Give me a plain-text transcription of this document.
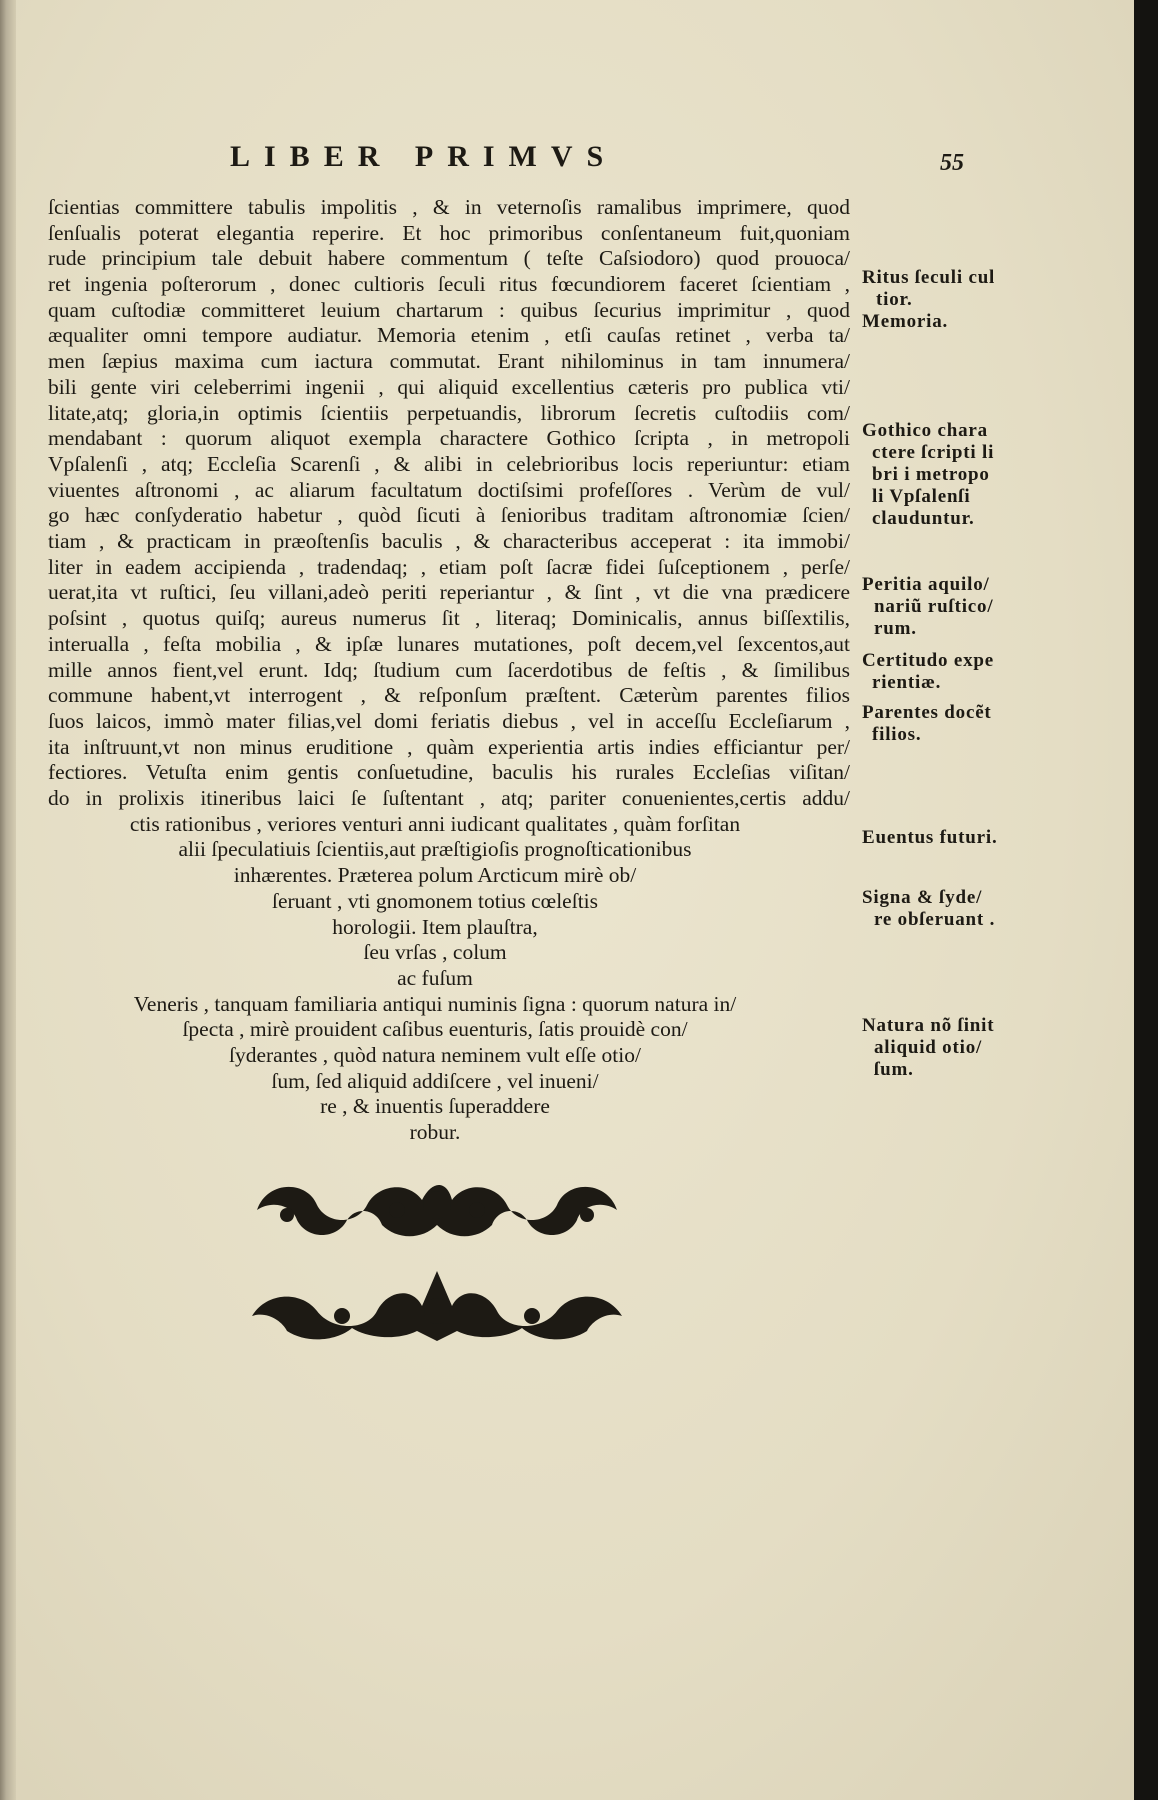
LIBER PRIMVS	55
ſcientias committere tabulis impolitis , & in veternoſis ramalibus imprimere, quod
ſenſualis poterat elegantia reperire. Et hoc primoribus conſentaneum fuit,quoniam
rude principium tale debuit habere commentum ( teſte Caſsiodoro) quod prouoca/
ret ingenia poſterorum , donec cultioris ſeculi ritus fœcundiorem faceret ſcientiam ,
quam cuſtodiæ committeret leuium chartarum : quibus ſecurius imprimitur , quod
æqualiter omni tempore audiatur. Memoria etenim , etſi cauſas retinet , verba ta/
men ſæpius maxima cum iactura commutat. Erant nihilominus in tam innumera/
bili gente viri celeberrimi ingenii , qui aliquid excellentius cæteris pro publica vti/
litate,atq; gloria,in optimis ſcientiis perpetuandis, librorum ſecretis cuſtodiis com/
mendabant : quorum aliquot exempla charactere Gothico ſcripta , in metropoli
Vpſalenſi , atq; Eccleſia Scarenſi , & alibi in celebrioribus locis reperiuntur: etiam
viuentes aſtronomi , ac aliarum facultatum doctiſsimi profeſſores . Verùm de vul/
go hæc conſyderatio habetur , quòd ſicuti à ſenioribus traditam aſtronomiæ ſcien/
tiam , & practicam in præoſtenſis baculis , & characteribus acceperat : ita immobi/
liter in eadem accipienda , tradendaq; , etiam poſt ſacræ fidei ſuſceptionem , perſe/
uerat,ita vt ruſtici, ſeu villani,adeò periti reperiantur , & ſint , vt die vna prædicere
poſsint , quotus quiſq; aureus numerus ſit , literaq; Dominicalis, annus biſſextilis,
interualla , feſta mobilia , & ipſæ lunares mutationes, poſt decem,vel ſexcentos,aut
mille annos fient,vel erunt. Idq; ſtudium cum ſacerdotibus de feſtis , & ſimilibus
commune habent,vt interrogent , & reſponſum præſtent. Cæterùm parentes filios
ſuos laicos, immò mater filias,vel domi feriatis diebus , vel in acceſſu Eccleſiarum ,
ita inſtruunt,vt non minus eruditione , quàm experientia artis indies efficiantur per/
fectiores. Vetuſta enim gentis conſuetudine, baculis his rurales Eccleſias viſitan/
do in prolixis itineribus laici ſe ſuſtentant , atq; pariter conuenientes,certis addu/
ctis rationibus , veriores venturi anni iudicant qualitates , quàm forſitan
alii ſpeculatiuis ſcientiis,aut præſtigioſis prognoſticationibus
inhærentes. Præterea polum Arcticum mirè ob/
ſeruant , vti gnomonem totius cœleſtis
horologii. Item plauſtra,
ſeu vrſas , colum
ac fuſum
Veneris , tanquam familiaria antiqui numinis ſigna : quorum natura in/
ſpecta , mirè prouident caſibus euenturis, ſatis prouidè con/
ſyderantes , quòd natura neminem vult eſſe otio/
ſum, ſed aliquid addiſcere , vel inueni/
re , & inuentis ſuperaddere
robur.
Ritus ſeculi cul
tior.
Memoria.
Gothico chara
ctere ſcripti li
bri i metropo
li Vpſalenſi
clauduntur.
Peritia aquilo/
nariũ ruſtico/
rum.
Certitudo expe
rientiæ.
Parentes docẽt
filios.
Euentus futuri.
Signa & ſyde/
re obſeruant .
Natura nõ ſinit
aliquid otio/
ſum.
